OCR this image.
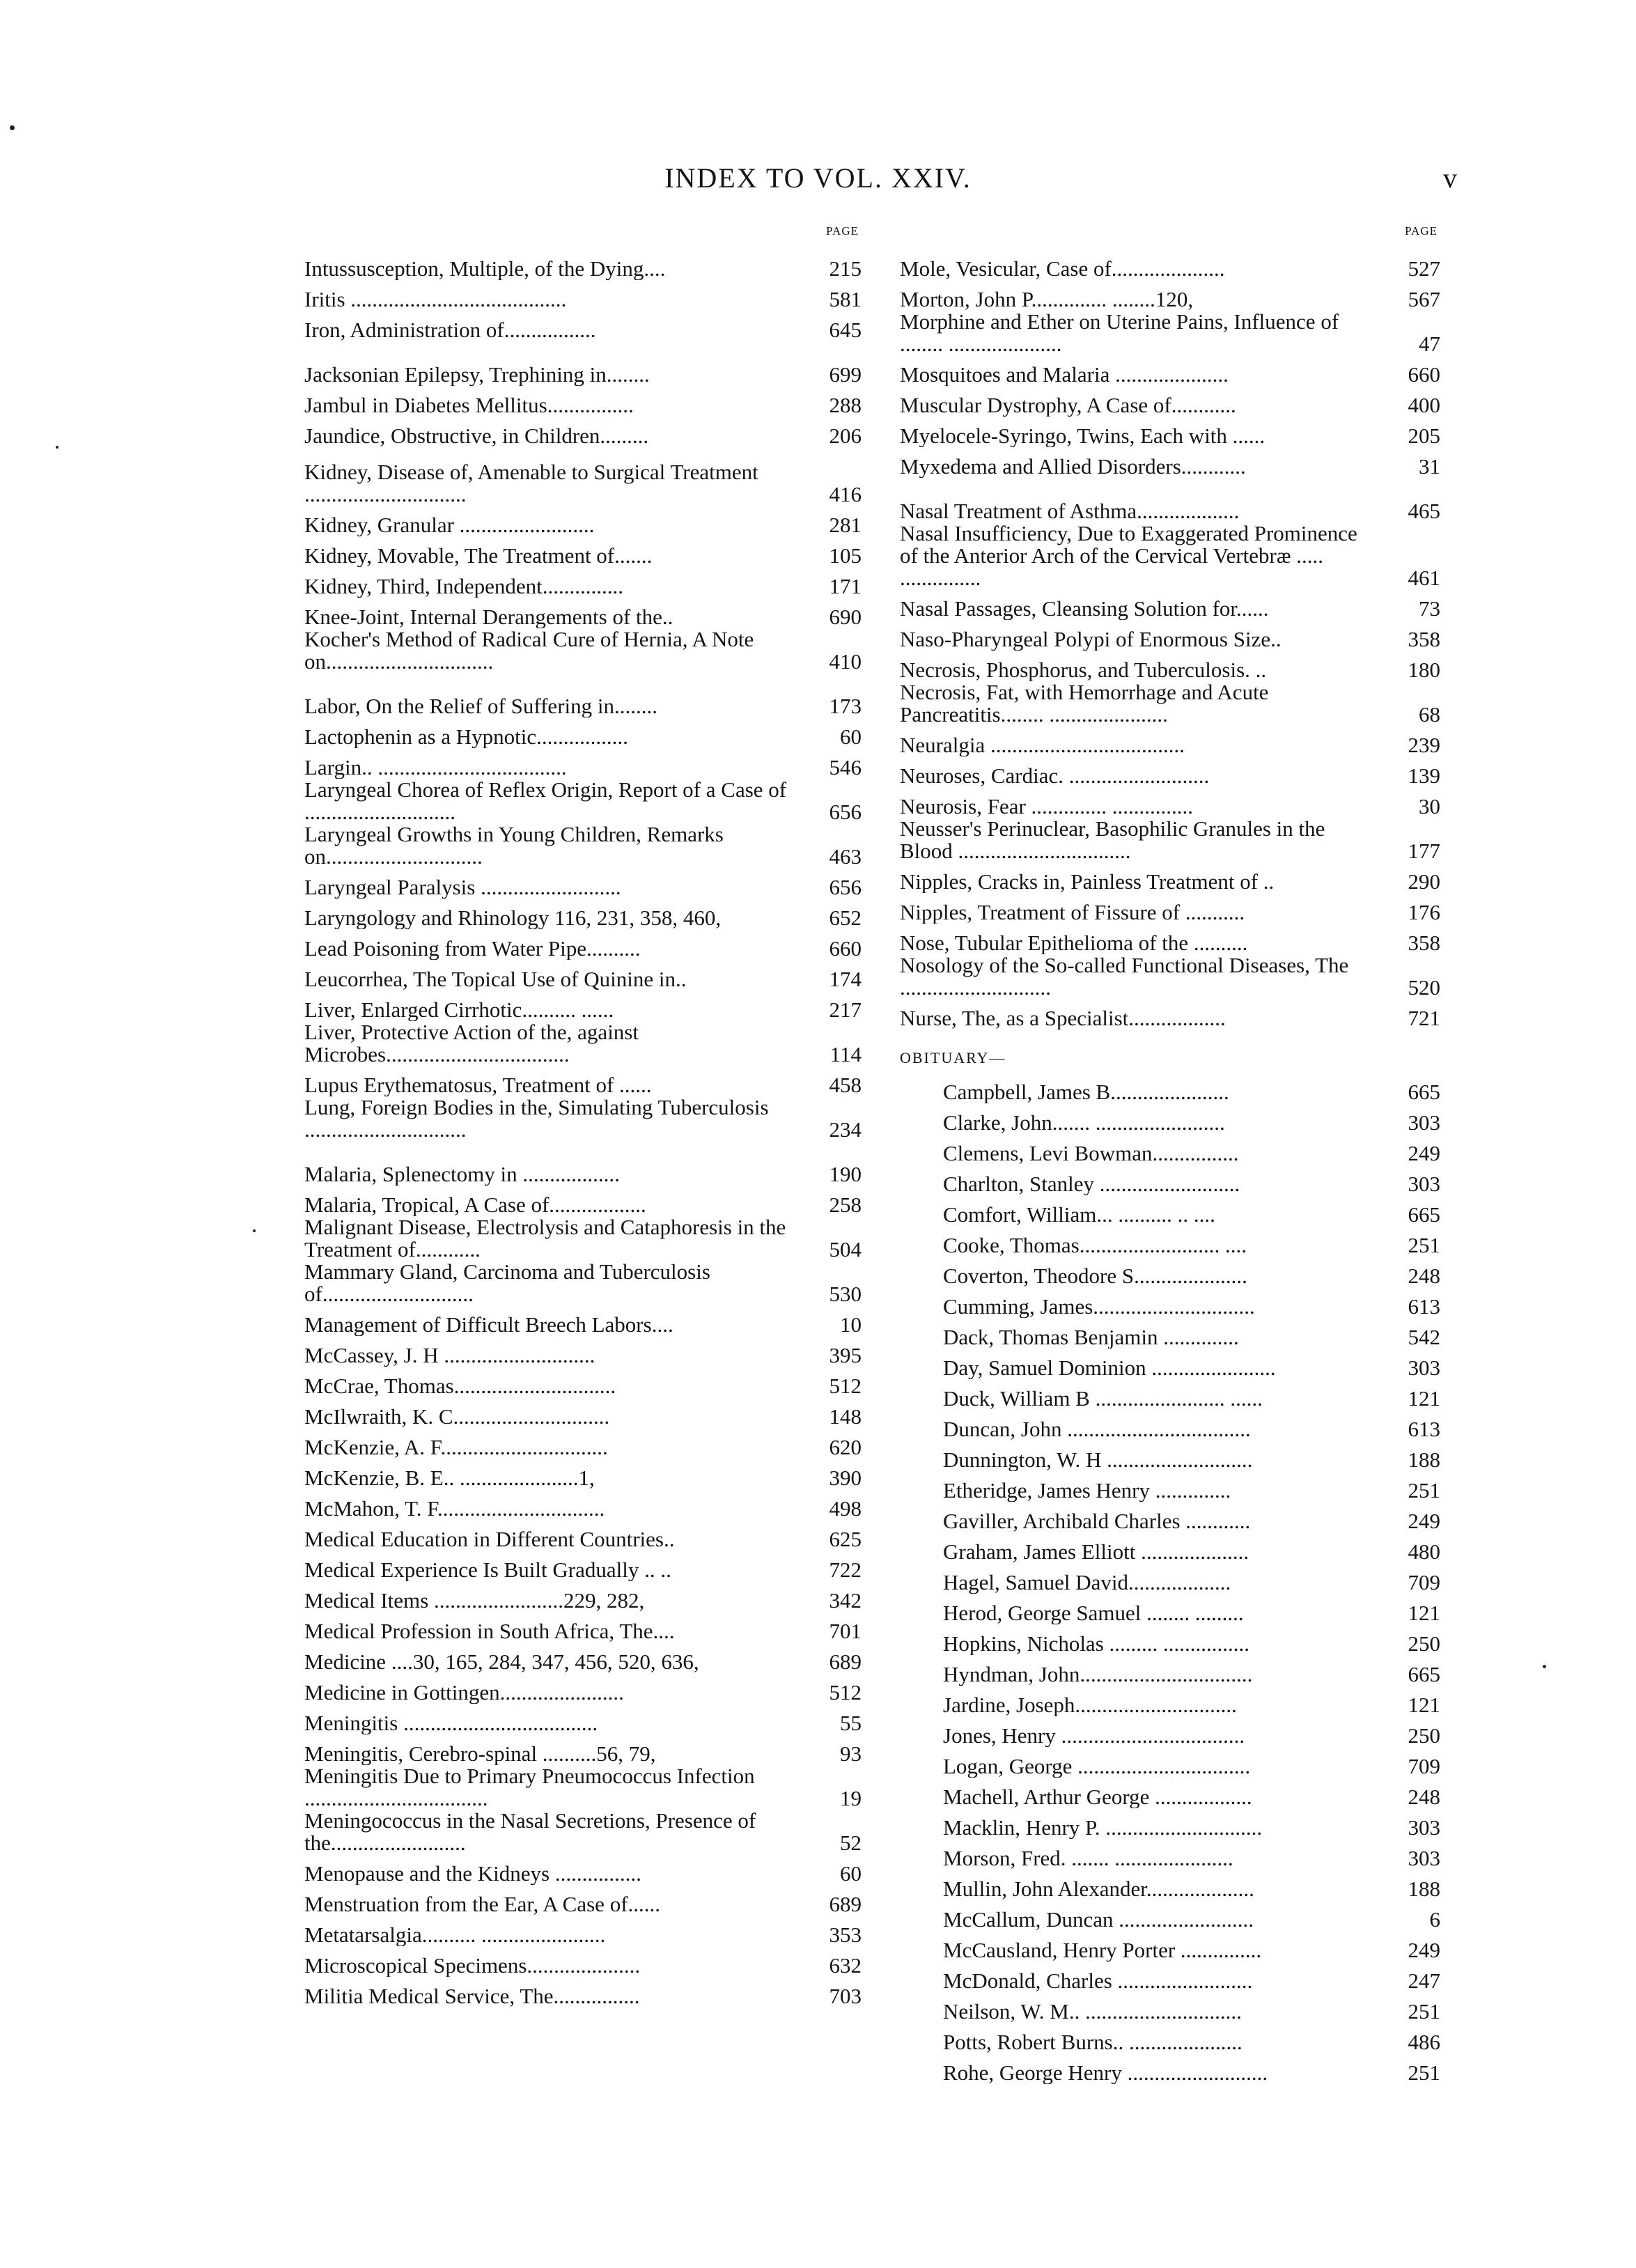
INDEX TO VOL. XXIV.	v
PAGE
Intussusception, Multiple, of the Dying....	215
Iritis ........................................	581
Iron, Administration of.................	645
Jacksonian Epilepsy, Trephining in........	699
Jambul in Diabetes Mellitus................	288
Jaundice, Obstructive, in Children.........	206
Kidney, Disease of, Amenable to Surgical Treatment ..............................	416
Kidney, Granular .........................	281
Kidney, Movable, The Treatment of.......	105
Kidney, Third, Independent...............	171
Knee-Joint, Internal Derangements of the..	690
Kocher's Method of Radical Cure of Hernia, A Note on...............................	410
Labor, On the Relief of Suffering in........	173
Lactophenin as a Hypnotic.................	60
Largin.. ...................................	546
Laryngeal Chorea of Reflex Origin, Report of a Case of ............................	656
Laryngeal Growths in Young Children, Remarks on.............................	463
Laryngeal Paralysis ..........................	656
Laryngology and Rhinology 116, 231, 358, 460,	652
Lead Poisoning from Water Pipe..........	660
Leucorrhea, The Topical Use of Quinine in..	174
Liver, Enlarged Cirrhotic.......... ......	217
Liver, Protective Action of the, against Microbes..................................	114
Lupus Erythematosus, Treatment of ......	458
Lung, Foreign Bodies in the, Simulating Tuberculosis ..............................	234
Malaria, Splenectomy in ..................	190
Malaria, Tropical, A Case of..................	258
Malignant Disease, Electrolysis and Cataphoresis in the Treatment of............	504
Mammary Gland, Carcinoma and Tuberculosis of............................	530
Management of Difficult Breech Labors....	10
McCassey, J. H ............................	395
McCrae, Thomas..............................	512
McIlwraith, K. C.............................	148
McKenzie, A. F...............................	620
McKenzie, B. E.. ......................1,	390
McMahon, T. F...............................	498
Medical Education in Different Countries..	625
Medical Experience Is Built Gradually .. ..	722
Medical Items ........................229, 282,	342
Medical Profession in South Africa, The....	701
Medicine ....30, 165, 284, 347, 456, 520, 636,	689
Medicine in Gottingen.......................	512
Meningitis ....................................	55
Meningitis, Cerebro-spinal ..........56, 79,	93
Meningitis Due to Primary Pneumococcus Infection ..................................	19
Meningococcus in the Nasal Secretions, Presence of the.........................	52
Menopause and the Kidneys ................	60
Menstruation from the Ear, A Case of......	689
Metatarsalgia.......... .......................	353
Microscopical Specimens.....................	632
Militia Medical Service, The................	703
PAGE
Mole, Vesicular, Case of.....................	527
Morton, John P.............. ........120,	567
Morphine and Ether on Uterine Pains, Influence of ........ .....................	47
Mosquitoes and Malaria .....................	660
Muscular Dystrophy, A Case of............	400
Myelocele-Syringo, Twins, Each with ......	205
Myxedema and Allied Disorders............	31
Nasal Treatment of Asthma...................	465
Nasal Insufficiency, Due to Exaggerated Prominence of the Anterior Arch of the Cervical Vertebræ ..... ...............	461
Nasal Passages, Cleansing Solution for......	73
Naso-Pharyngeal Polypi of Enormous Size..	358
Necrosis, Phosphorus, and Tuberculosis. ..	180
Necrosis, Fat, with Hemorrhage and Acute Pancreatitis........ ......................	68
Neuralgia ....................................	239
Neuroses, Cardiac. ..........................	139
Neurosis, Fear .............. ...............	30
Neusser's Perinuclear, Basophilic Granules in the Blood ................................	177
Nipples, Cracks in, Painless Treatment of ..	290
Nipples, Treatment of Fissure of ...........	176
Nose, Tubular Epithelioma of the ..........	358
Nosology of the So-called Functional Diseases, The ............................	520
Nurse, The, as a Specialist..................	721
OBITUARY—
Campbell, James B......................	665
Clarke, John....... ........................	303
Clemens, Levi Bowman................	249
Charlton, Stanley ..........................	303
Comfort, William... .......... .. ....	665
Cooke, Thomas.......................... ....	251
Coverton, Theodore S.....................	248
Cumming, James..............................	613
Dack, Thomas Benjamin ..............	542
Day, Samuel Dominion .......................	303
Duck, William B ........................ ......	121
Duncan, John ..................................	613
Dunnington, W. H ...........................	188
Etheridge, James Henry ..............	251
Gaviller, Archibald Charles ............	249
Graham, James Elliott ....................	480
Hagel, Samuel David...................	709
Herod, George Samuel ........ .........	121
Hopkins, Nicholas ......... ................	250
Hyndman, John................................	665
Jardine, Joseph..............................	121
Jones, Henry ..................................	250
Logan, George ................................	709
Machell, Arthur George ..................	248
Macklin, Henry P. .............................	303
Morson, Fred. ....... ......................	303
Mullin, John Alexander....................	188
McCallum, Duncan .........................	6
McCausland, Henry Porter ...............	249
McDonald, Charles .........................	247
Neilson, W. M.. .............................	251
Potts, Robert Burns.. .....................	486
Rohe, George Henry ..........................	251
